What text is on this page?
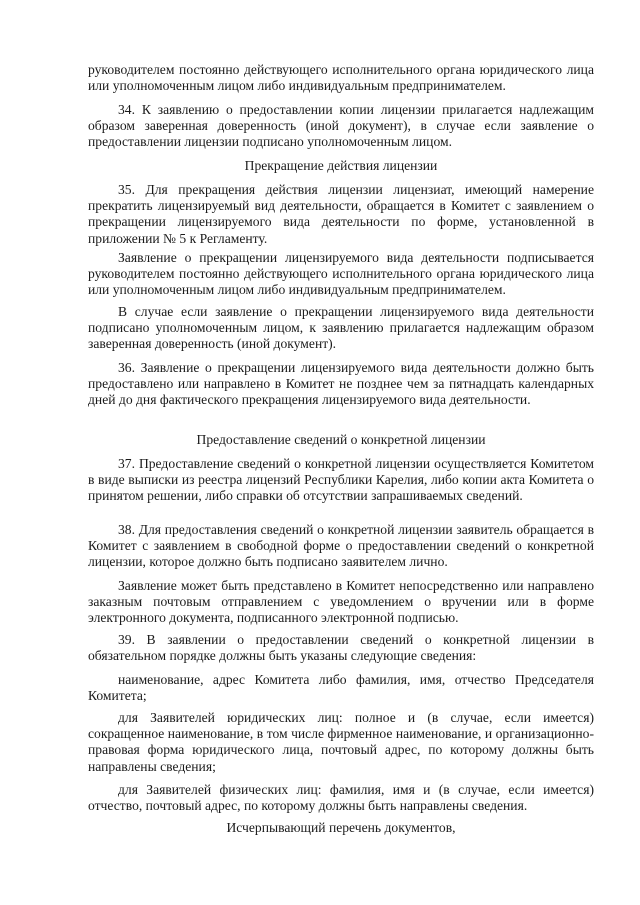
руководителем постоянно действующего исполнительного органа юридического лица или уполномоченным лицом либо индивидуальным предпринимателем.

34. К заявлению о предоставлении копии лицензии прилагается надлежащим образом заверенная доверенность (иной документ), в случае если заявление о предоставлении лицензии подписано уполномоченным лицом.

Прекращение действия лицензии

35. Для прекращения действия лицензии лицензиат, имеющий намерение прекратить лицензируемый вид деятельности, обращается в Комитет с заявлением о прекращении лицензируемого вида деятельности по форме, установленной в приложении № 5 к Регламенту.

Заявление о прекращении лицензируемого вида деятельности подписывается руководителем постоянно действующего исполнительного органа юридического лица или уполномоченным лицом либо индивидуальным предпринимателем.

В случае если заявление о прекращении лицензируемого вида деятельности подписано уполномоченным лицом, к заявлению прилагается надлежащим образом заверенная доверенность (иной документ).

36. Заявление о прекращении лицензируемого вида деятельности должно быть предоставлено или направлено в Комитет не позднее чем за пятнадцать календарных дней до дня фактического прекращения лицензируемого вида деятельности.

Предоставление сведений о конкретной лицензии

37. Предоставление сведений о конкретной лицензии осуществляется Комитетом в виде выписки из реестра лицензий Республики Карелия, либо копии акта Комитета о принятом решении, либо справки об отсутствии запрашиваемых сведений.

38. Для предоставления сведений о конкретной лицензии заявитель обращается в Комитет с заявлением в свободной форме о предоставлении сведений о конкретной лицензии, которое должно быть подписано заявителем лично.

Заявление может быть представлено в Комитет непосредственно или направлено заказным почтовым отправлением с уведомлением о вручении или в форме электронного документа, подписанного электронной подписью.

39. В заявлении о предоставлении сведений о конкретной лицензии в обязательном порядке должны быть указаны следующие сведения:

наименование, адрес Комитета либо фамилия, имя, отчество Председателя Комитета;

для Заявителей юридических лиц: полное и (в случае, если имеется) сокращенное наименование, в том числе фирменное наименование, и организационно-правовая форма юридического лица, почтовый адрес, по которому должны быть направлены сведения;

для Заявителей физических лиц: фамилия, имя и (в случае, если имеется) отчество, почтовый адрес, по которому должны быть направлены сведения.

Исчерпывающий перечень документов,
